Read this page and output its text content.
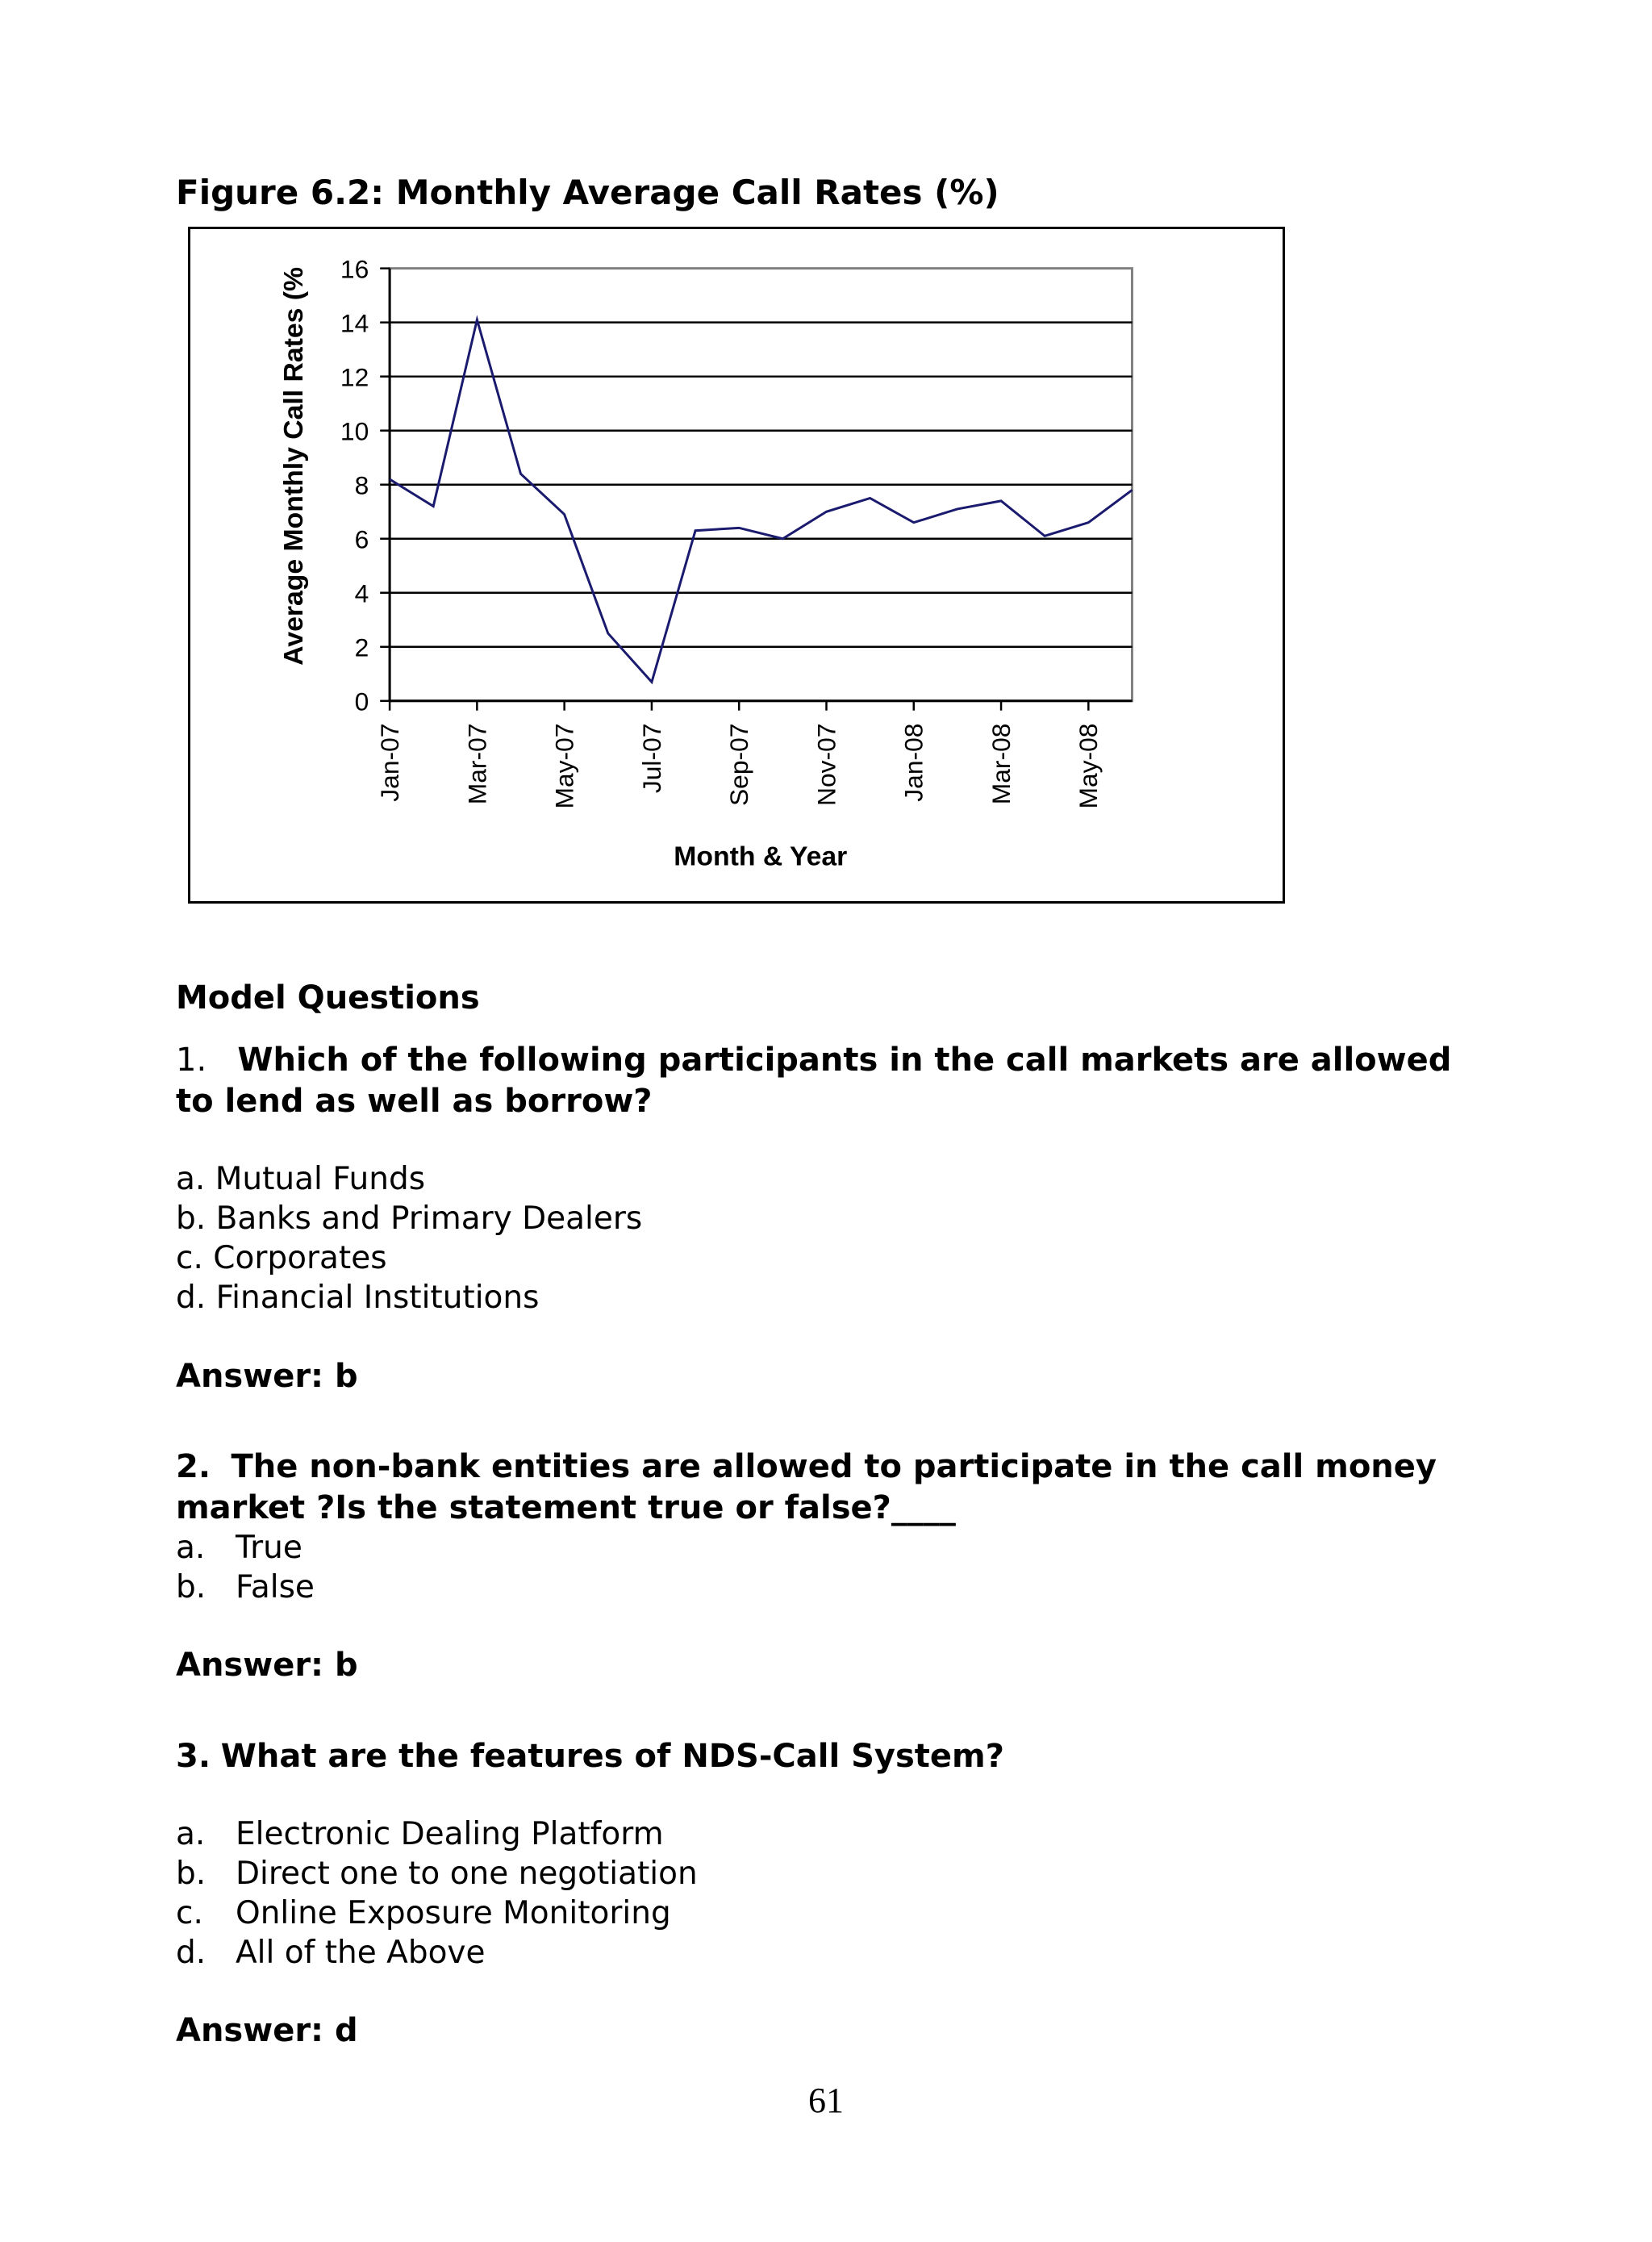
Figure 6.2: Monthly Average Call Rates (%)
0
2
4
6
8
10
12
14
16
Jan-07 Mar-07 May-07 Jul-07 Sep-07 Nov-07 Jan-08 Mar-08 May-08
Average Monthly Call Rates (%
Month & Year
Model Questions
1. Which of the following participants in the call markets are allowed to lend as well as borrow?
a. Mutual Funds
b. Banks and Primary Dealers
c. Corporates
d. Financial Institutions
Answer: b
2. The non-bank entities are allowed to participate in the call money market ?Is the statement true or false?____
a. True
b. False
Answer: b
3. What are the features of NDS-Call System?
a. Electronic Dealing Platform
b. Direct one to one negotiation
c. Online Exposure Monitoring
d. All of the Above
Answer: d
61
